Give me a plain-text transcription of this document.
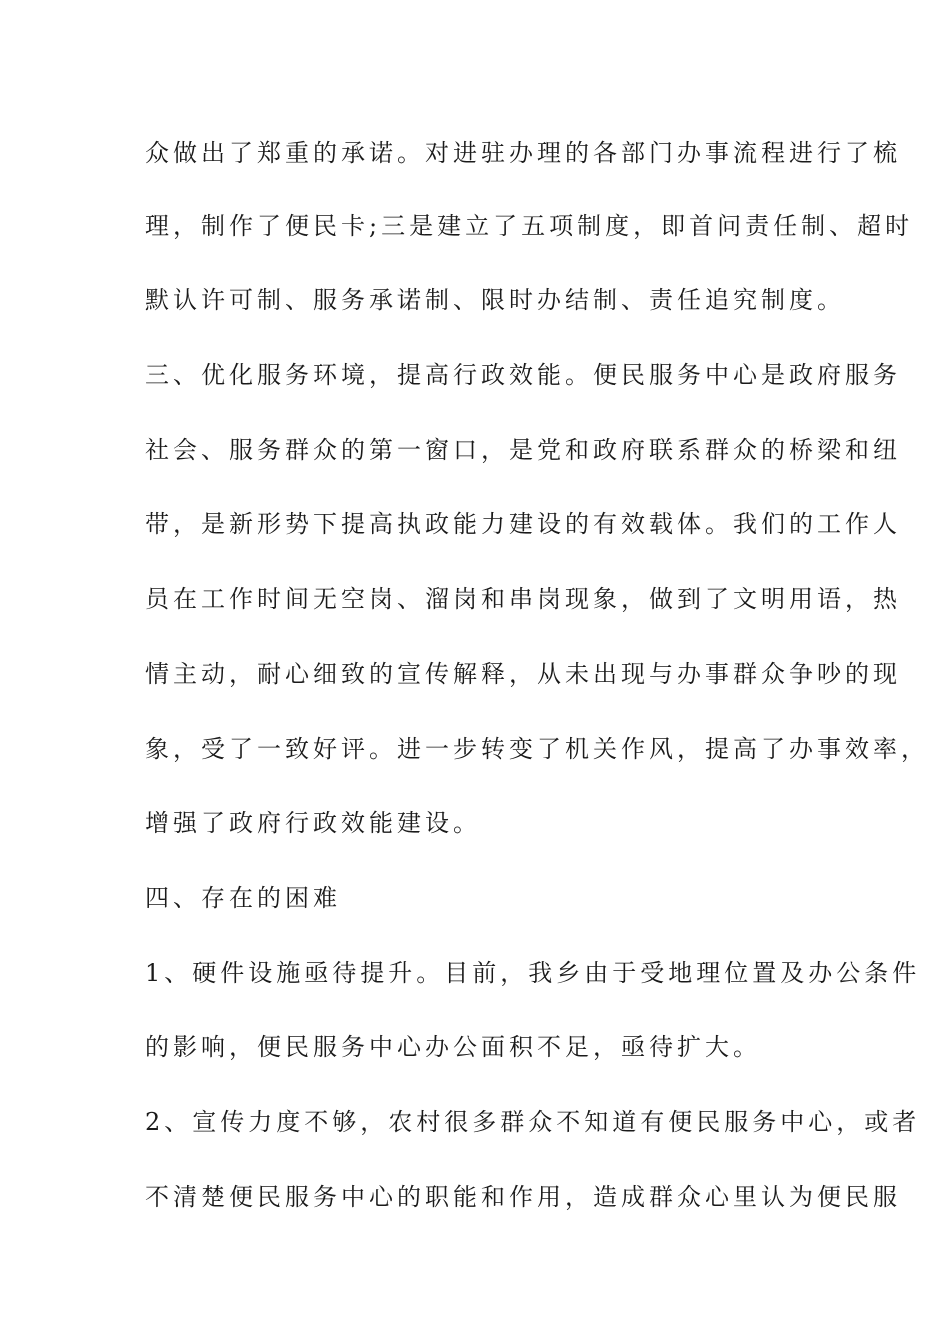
众做出了郑重的承诺。对进驻办理的各部门办事流程进行了梳
理，制作了便民卡;三是建立了五项制度，即首问责任制、超时
默认许可制、服务承诺制、限时办结制、责任追究制度。
三、优化服务环境，提高行政效能。便民服务中心是政府服务
社会、服务群众的第一窗口，是党和政府联系群众的桥梁和纽
带，是新形势下提高执政能力建设的有效载体。我们的工作人
员在工作时间无空岗、溜岗和串岗现象，做到了文明用语，热
情主动，耐心细致的宣传解释，从未出现与办事群众争吵的现
象，受了一致好评。进一步转变了机关作风，提高了办事效率，
增强了政府行政效能建设。
四、存在的困难
1、硬件设施亟待提升。目前，我乡由于受地理位置及办公条件
的影响，便民服务中心办公面积不足，亟待扩大。
2、宣传力度不够，农村很多群众不知道有便民服务中心，或者
不清楚便民服务中心的职能和作用，造成群众心里认为便民服
